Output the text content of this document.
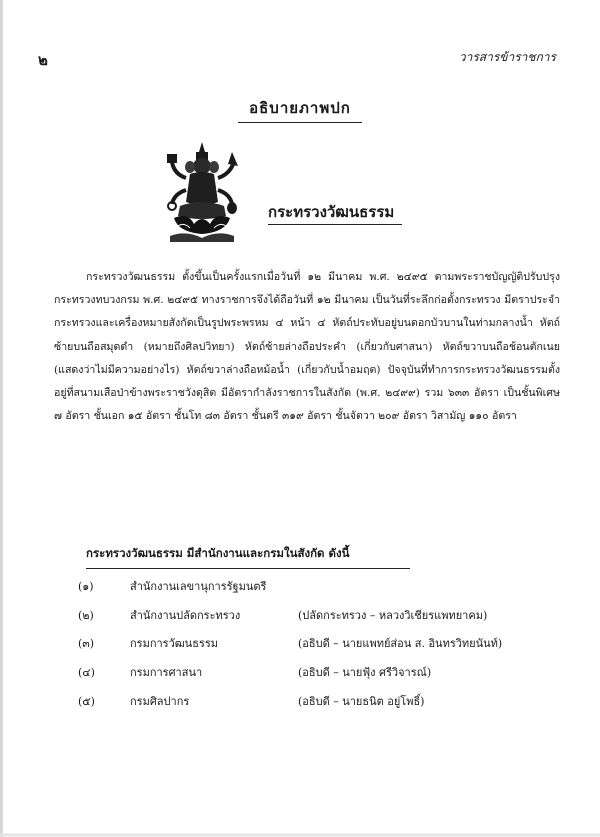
๒	วารสารข้าราชการ
อธิบายภาพปก
กระทรวงวัฒนธรรม

กระทรวงวัฒนธรรม ตั้งขึ้นเป็นครั้งแรกเมื่อวันที่ ๑๒ มีนาคม พ.ศ. ๒๔๙๕ ตามพระราชบัญญัติปรับปรุงกระทรวงทบวงกรม พ.ศ. ๒๔๙๕ ทางราชการจึงได้ถือวันที่ ๑๒ มีนาคม เป็นวันที่ระลึกก่อตั้งกระทรวง มีตราประจำกระทรวงและเครื่องหมายสังกัดเป็นรูปพระพรหม ๔ หน้า ๔ หัตถ์ประทับอยู่บนดอกบัวบานในท่ามกลางน้ำ หัตถ์ซ้ายบนถือสมุดดำ (หมายถึงศิลปวิทยา) หัตถ์ซ้ายล่างถือประคำ (เกี่ยวกับศาสนา) หัตถ์ขวาบนถือช้อนตักเนย (แสดงว่าไม่มีความอย่างไร) หัตถ์ขวาล่างถือหม้อน้ำ (เกี่ยวกับน้ำอมฤต) ปัจจุบันที่ทำการกระทรวงวัฒนธรรมตั้งอยู่ที่สนามเสือป่าข้างพระราชวังดุสิต มีอัตรากำลังราชการในสังกัด (พ.ศ. ๒๔๙๙) รวม ๖๓๓ อัตรา เป็นชั้นพิเศษ ๗ อัตรา ชั้นเอก ๑๕ อัตรา ชั้นโท ๘๓ อัตรา ชั้นตรี ๓๑๙ อัตรา ชั้นจัตวา ๒๐๙ อัตรา วิสามัญ ๑๑๐ อัตรา

กระทรวงวัฒนธรรม มีสำนักงานและกรมในสังกัด ดังนี้
(๑)	สำนักงานเลขานุการรัฐมนตรี
(๒)	สำนักงานปลัดกระทรวง	(ปลัดกระทรวง – หลวงวิเชียรแพทยาคม)
(๓)	กรมการวัฒนธรรม	(อธิบดี – นายแพทย์ส่อน ส. อินทรวิทยนันท์)
(๔)	กรมการศาสนา	(อธิบดี – นายฟุ้ง ศรีวิจารณ์)
(๕)	กรมศิลปากร	(อธิบดี – นายธนิต อยู่โพธิ์)
